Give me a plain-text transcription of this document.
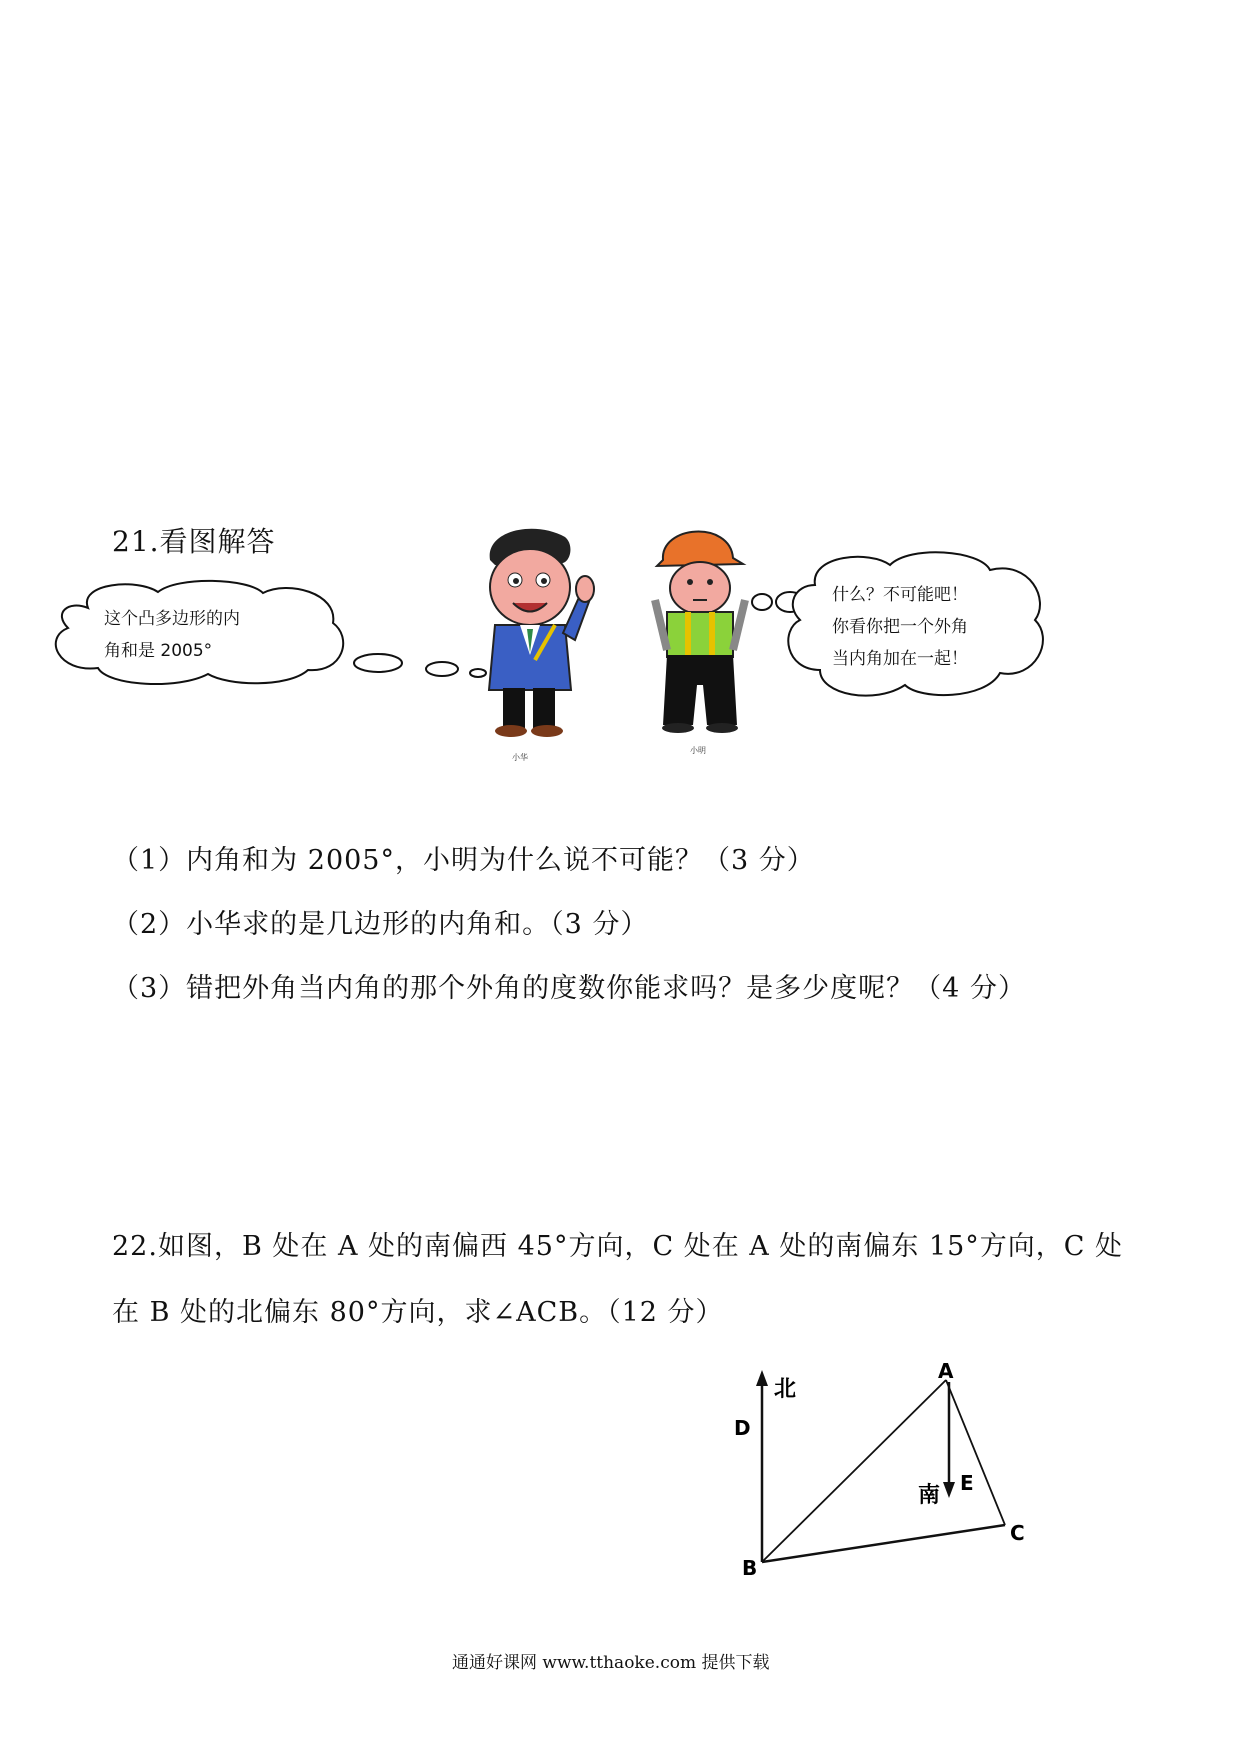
21.看图解答
这个凸多边形的内
角和是 2005°
小华
小明
什么？不可能吧！
你看你把一个外角
当内角加在一起！
（1）内角和为 2005°，小明为什么说不可能？（3 分）
（2）小华求的是几边形的内角和。（3 分）
（3）错把外角当内角的那个外角的度数你能求吗？是多少度呢？（4 分）
22.如图，B 处在 A 处的南偏西 45°方向，C 处在 A 处的南偏东 15°方向，C 处
在 B 处的北偏东 80°方向，求∠ACB。（12 分）
A
B
C
D
E
北
南
通通好课网 www.tthaoke.com 提供下载
